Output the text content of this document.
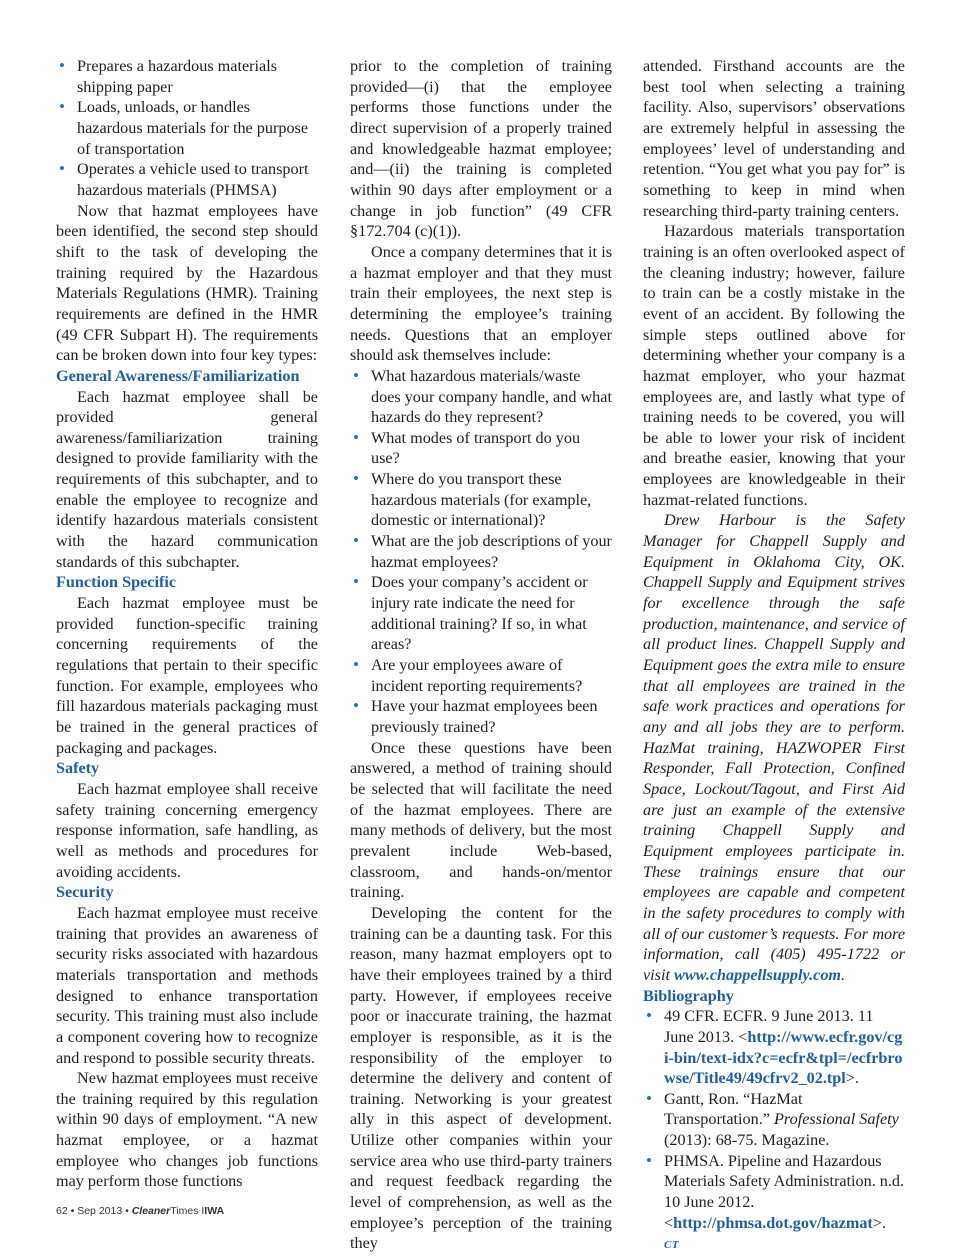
• Prepares a hazardous materials shipping paper
• Loads, unloads, or handles hazardous materials for the purpose of transportation
• Operates a vehicle used to transport hazardous materials (PHMSA)

Now that hazmat employees have been identified, the second step should shift to the task of developing the training required by the Hazardous Materials Regulations (HMR). Training requirements are defined in the HMR (49 CFR Subpart H). The requirements can be broken down into four key types:

General Awareness/Familiarization

Each hazmat employee shall be provided general awareness/familiarization training designed to provide familiarity with the requirements of this subchapter, and to enable the employee to recognize and identify hazardous materials consistent with the hazard communication standards of this subchapter.

Function Specific

Each hazmat employee must be provided function-specific training concerning requirements of the regulations that pertain to their specific function. For example, employees who fill hazardous materials packaging must be trained in the general practices of packaging and packages.

Safety

Each hazmat employee shall receive safety training concerning emergency response information, safe handling, as well as methods and procedures for avoiding accidents.

Security

Each hazmat employee must receive training that provides an awareness of security risks associated with hazardous materials transportation and methods designed to enhance transportation security. This training must also include a component covering how to recognize and respond to possible security threats.

New hazmat employees must receive the training required by this regulation within 90 days of employment. “A new hazmat employee, or a hazmat employee who changes job functions may perform those functions

prior to the completion of training provided—(i) that the employee performs those functions under the direct supervision of a properly trained and knowledgeable hazmat employee; and—(ii) the training is completed within 90 days after employment or a change in job function” (49 CFR §172.704 (c)(1)).

Once a company determines that it is a hazmat employer and that they must train their employees, the next step is determining the employee’s training needs. Questions that an employer should ask themselves include:

• What hazardous materials/waste does your company handle, and what hazards do they represent?
• What modes of transport do you use?
• Where do you transport these hazardous materials (for example, domestic or international)?
• What are the job descriptions of your hazmat employees?
• Does your company’s accident or injury rate indicate the need for additional training? If so, in what areas?
• Are your employees aware of incident reporting requirements?
• Have your hazmat employees been previously trained?

Once these questions have been answered, a method of training should be selected that will facilitate the need of the hazmat employees. There are many methods of delivery, but the most prevalent include Web-based, classroom, and hands-on/mentor training.

Developing the content for the training can be a daunting task. For this reason, many hazmat employers opt to have their employees trained by a third party. However, if employees receive poor or inaccurate training, the hazmat employer is responsible, as it is the responsibility of the employer to determine the delivery and content of training. Networking is your greatest ally in this aspect of development. Utilize other companies within your service area who use third-party trainers and request feedback regarding the level of comprehension, as well as the employee’s perception of the training they

attended. Firsthand accounts are the best tool when selecting a training facility. Also, supervisors’ observations are extremely helpful in assessing the employees’ level of understanding and retention. “You get what you pay for” is something to keep in mind when researching third-party training centers.

Hazardous materials transportation training is an often overlooked aspect of the cleaning industry; however, failure to train can be a costly mistake in the event of an accident. By following the simple steps outlined above for determining whether your company is a hazmat employer, who your hazmat employees are, and lastly what type of training needs to be covered, you will be able to lower your risk of incident and breathe easier, knowing that your employees are knowledgeable in their hazmat-related functions.

Drew Harbour is the Safety Manager for Chappell Supply and Equipment in Oklahoma City, OK. Chappell Supply and Equipment strives for excellence through the safe production, maintenance, and service of all product lines. Chappell Supply and Equipment goes the extra mile to ensure that all employees are trained in the safe work practices and operations for any and all jobs they are to perform. HazMat training, HAZWOPER First Responder, Fall Protection, Confined Space, Lockout/Tagout, and First Aid are just an example of the extensive training Chappell Supply and Equipment employees participate in. These trainings ensure that our employees are capable and competent in the safety procedures to comply with all of our customer’s requests. For more information, call (405) 495-1722 or visit www.chappellsupply.com.

Bibliography
• 49 CFR. ECFR. 9 June 2013. 11 June 2013. <http://www.ecfr.gov/cgi-bin/text-idx?c=ecfr&tpl=/ecfrbrowse/Title49/49cfrv2_02.tpl>.
• Gantt, Ron. “HazMat Transportation.” Professional Safety (2013): 68-75. Magazine.
• PHMSA. Pipeline and Hazardous Materials Safety Administration. n.d. 10 June 2012. <http://phmsa.dot.gov/hazmat>. CT
62 • Sep 2013 • CleanerTimes IIWA
